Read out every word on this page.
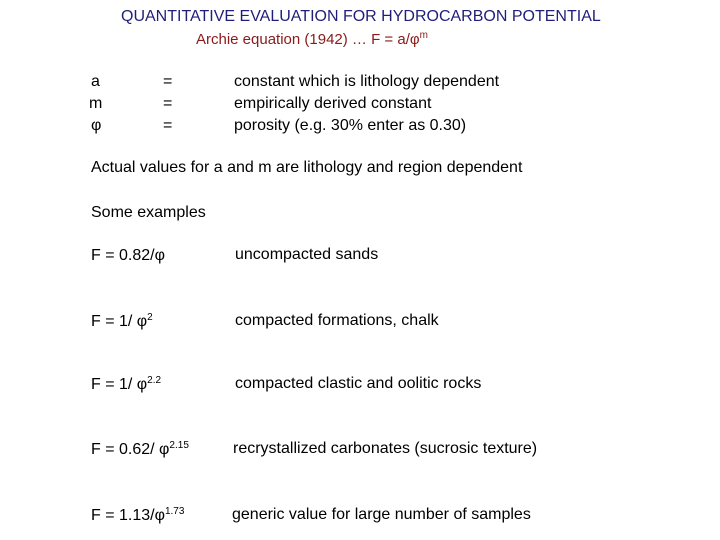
QUANTITATIVE EVALUATION FOR HYDROCARBON POTENTIAL
Archie equation (1942) … $F = a/\varphi^m$
a	=	constant which is lithology dependent
m	=	empirically derived constant
φ	=	porosity (e.g. 30% enter as 0.30)
Actual values for a and m are lithology and region dependent
Some examples
F = 0.82/φ	uncompacted sands
F = 1/ $\varphi^2$	compacted formations, chalk
F = 1/ $\varphi^{2.2}$	compacted clastic and oolitic rocks
F = 0.62/ $\varphi^{2.15}$	recrystallized carbonates (sucrosic texture)
$F = 1.13/\varphi^{1.73}$	generic value for large number of samples
